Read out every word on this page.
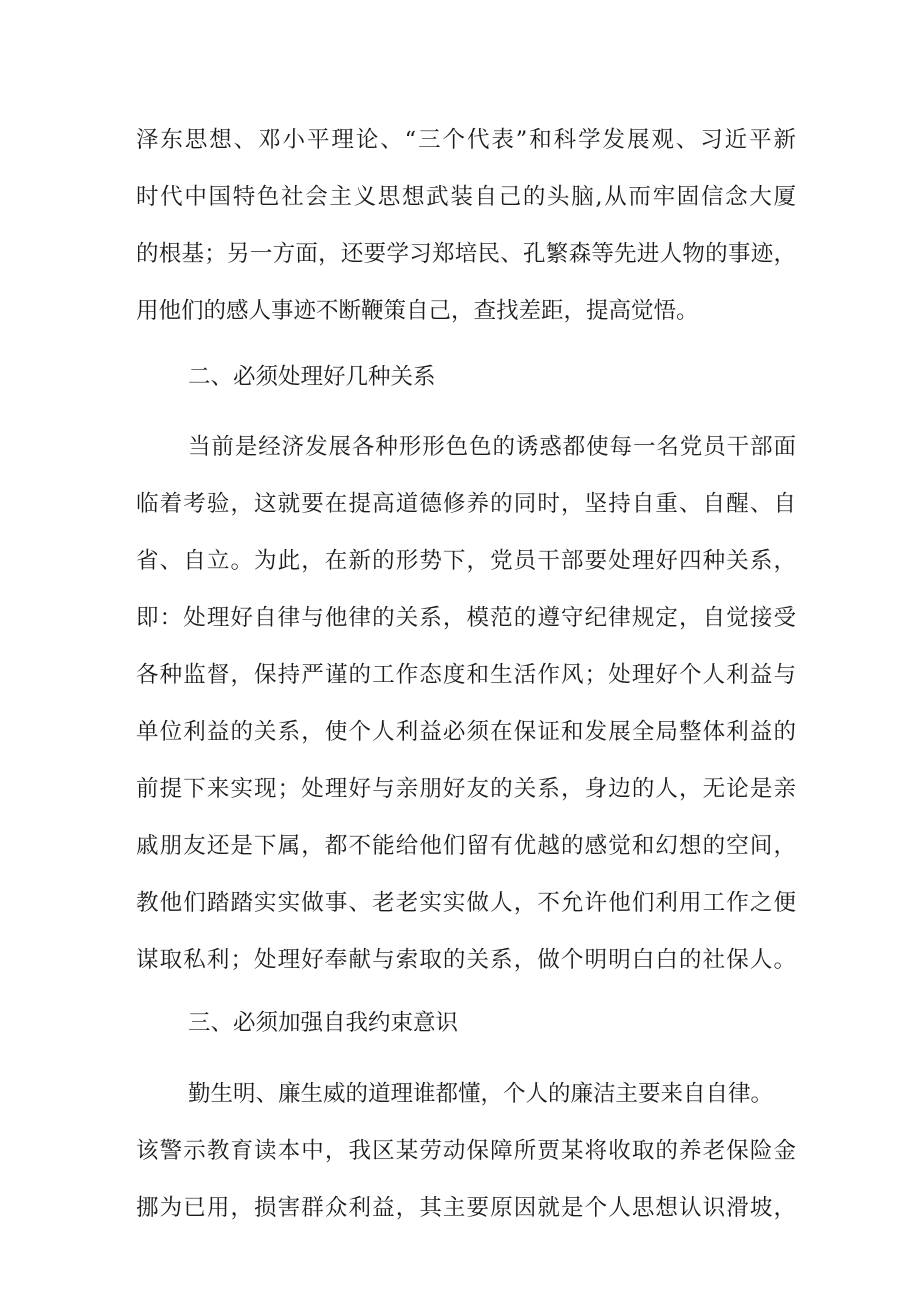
泽东思想、邓小平理论、“三个代表”和科学发展观、习近平新
时代中国特色社会主义思想武装自己的头脑,从而牢固信念大厦
的根基；另一方面，还要学习郑培民、孔繁森等先进人物的事迹，
用他们的感人事迹不断鞭策自己，查找差距，提高觉悟。
二、必须处理好几种关系
当前是经济发展各种形形色色的诱惑都使每一名党员干部面
临着考验，这就要在提高道德修养的同时，坚持自重、自醒、自
省、自立。为此，在新的形势下，党员干部要处理好四种关系，
即：处理好自律与他律的关系，模范的遵守纪律规定，自觉接受
各种监督，保持严谨的工作态度和生活作风；处理好个人利益与
单位利益的关系，使个人利益必须在保证和发展全局整体利益的
前提下来实现；处理好与亲朋好友的关系，身边的人，无论是亲
戚朋友还是下属，都不能给他们留有优越的感觉和幻想的空间，
教他们踏踏实实做事、老老实实做人，不允许他们利用工作之便
谋取私利；处理好奉献与索取的关系，做个明明白白的社保人。
三、必须加强自我约束意识
勤生明、廉生威的道理谁都懂，个人的廉洁主要来自自律。
该警示教育读本中，我区某劳动保障所贾某将收取的养老保险金
挪为已用，损害群众利益，其主要原因就是个人思想认识滑坡，
